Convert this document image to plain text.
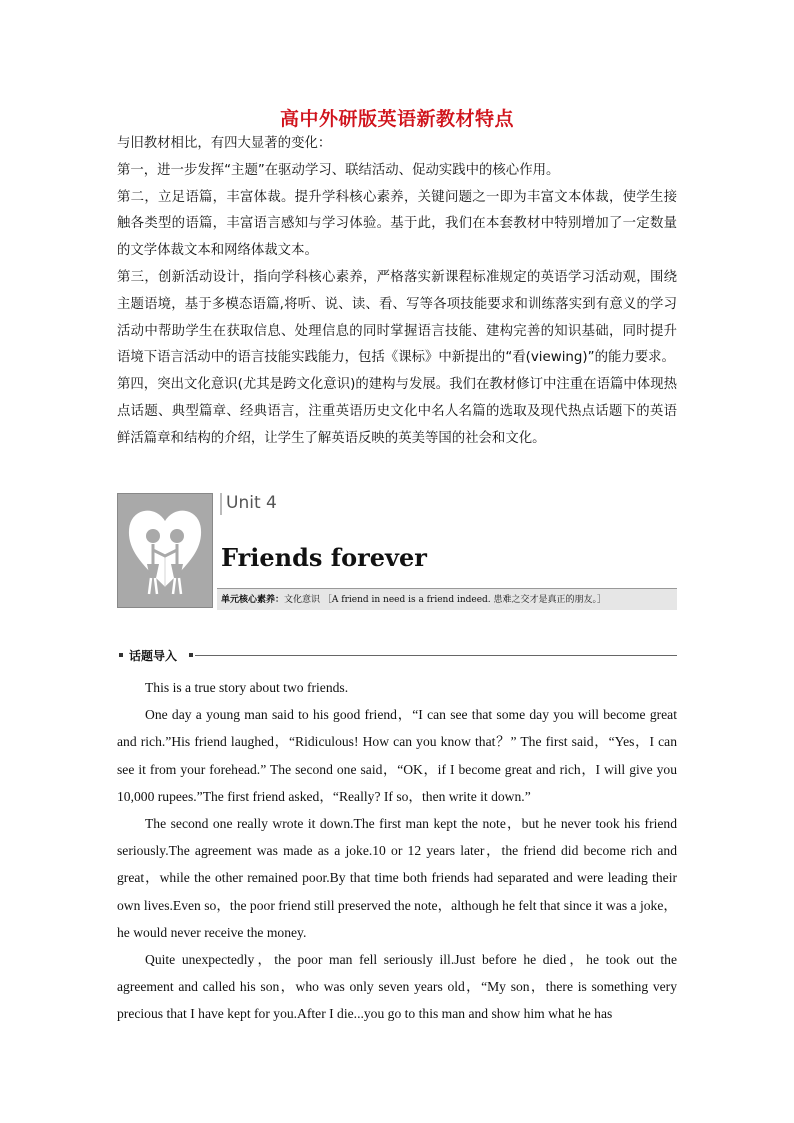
高中外研版英语新教材特点

与旧教材相比，有四大显著的变化：

第一，进一步发挥“主题”在驱动学习、联结活动、促动实践中的核心作用。

第二，立足语篇，丰富体裁。提升学科核心素养，关键问题之一即为丰富文本体裁，使学生接触各类型的语篇，丰富语言感知与学习体验。基于此，我们在本套教材中特别增加了一定数量的文学体裁文本和网络体裁文本。

第三，创新活动设计，指向学科核心素养，严格落实新课程标准规定的英语学习活动观，围绕主题语境，基于多模态语篇,将听、说、读、看、写等各项技能要求和训练落实到有意义的学习活动中帮助学生在获取信息、处理信息的同时掌握语言技能、建构完善的知识基础，同时提升语境下语言活动中的语言技能实践能力，包括《课标》中新提出的“看(viewing)”的能力要求。

第四，突出文化意识(尤其是跨文化意识)的建构与发展。我们在教材修订中注重在语篇中体现热点话题、典型篇章、经典语言，注重英语历史文化中名人名篇的选取及现代热点话题下的英语鲜活篇章和结构的介绍，让学生了解英语反映的英美等国的社会和文化。

Unit 4
Friends forever
单元核心素养：文化意识 ［A friend in need is a friend indeed. 患难之交才是真正的朋友。］
话题导入

This is a true story about two friends.

One day a young man said to his good friend，“I can see that some day you will become great and rich.”His friend laughed，“Ridiculous! How can you know that？” The first said，“Yes，I can see it from your forehead.” The second one said，“OK，if I become great and rich，I will give you 10,000 rupees.”The first friend asked，“Really? If so，then write it down.”

The second one really wrote it down.The first man kept the note，but he never took his friend seriously.The agreement was made as a joke.10 or 12 years later，the friend did become rich and great，while the other remained poor.By that time both friends had separated and were leading their own lives.Even so，the poor friend still preserved the note，although he felt that since it was a joke，he would never receive the money.

Quite unexpectedly，the poor man fell seriously ill.Just before he died，he took out the agreement and called his son，who was only seven years old，“My son，there is something very precious that I have kept for you.After I die...you go to this man and show him what he has
